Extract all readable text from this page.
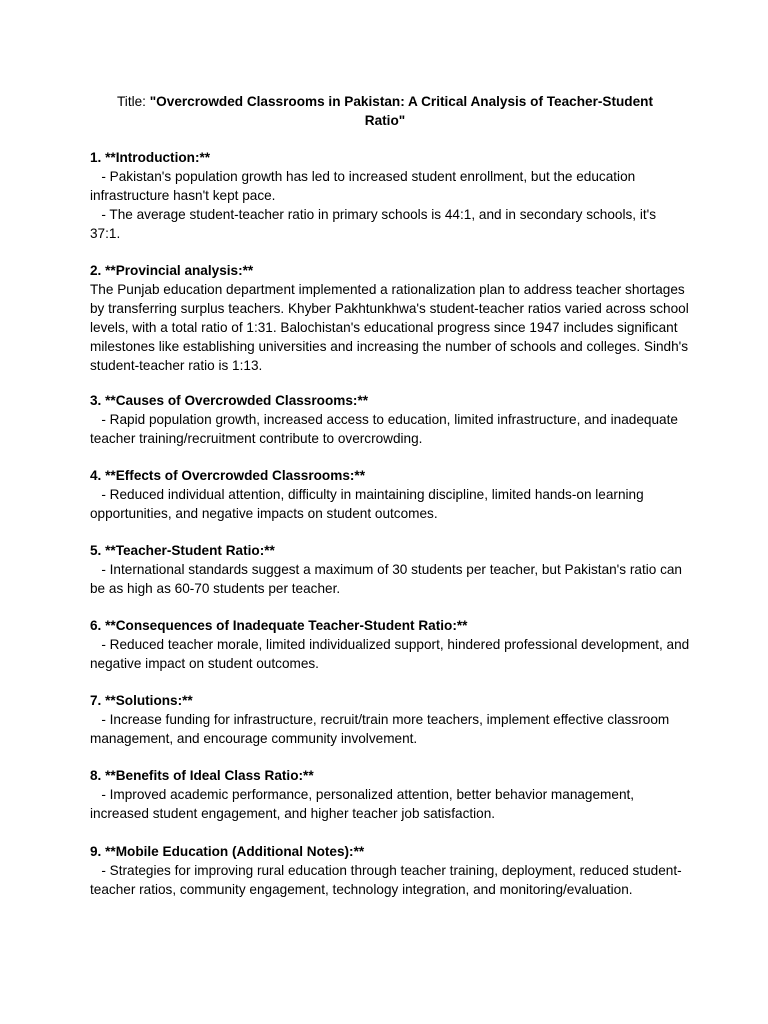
Title: "Overcrowded Classrooms in Pakistan: A Critical Analysis of Teacher-Student Ratio"
1. **Introduction:**
- Pakistan's population growth has led to increased student enrollment, but the education infrastructure hasn't kept pace.
- The average student-teacher ratio in primary schools is 44:1, and in secondary schools, it's 37:1.
2. **Provincial analysis:**
The Punjab education department implemented a rationalization plan to address teacher shortages by transferring surplus teachers. Khyber Pakhtunkhwa's student-teacher ratios varied across school levels, with a total ratio of 1:31. Balochistan's educational progress since 1947 includes significant milestones like establishing universities and increasing the number of schools and colleges. Sindh's student-teacher ratio is 1:13.
3. **Causes of Overcrowded Classrooms:**
- Rapid population growth, increased access to education, limited infrastructure, and inadequate teacher training/recruitment contribute to overcrowding.
4. **Effects of Overcrowded Classrooms:**
- Reduced individual attention, difficulty in maintaining discipline, limited hands-on learning opportunities, and negative impacts on student outcomes.
5. **Teacher-Student Ratio:**
- International standards suggest a maximum of 30 students per teacher, but Pakistan's ratio can be as high as 60-70 students per teacher.
6. **Consequences of Inadequate Teacher-Student Ratio:**
- Reduced teacher morale, limited individualized support, hindered professional development, and negative impact on student outcomes.
7. **Solutions:**
- Increase funding for infrastructure, recruit/train more teachers, implement effective classroom management, and encourage community involvement.
8. **Benefits of Ideal Class Ratio:**
- Improved academic performance, personalized attention, better behavior management, increased student engagement, and higher teacher job satisfaction.
9. **Mobile Education (Additional Notes):**
- Strategies for improving rural education through teacher training, deployment, reduced student-teacher ratios, community engagement, technology integration, and monitoring/evaluation.
